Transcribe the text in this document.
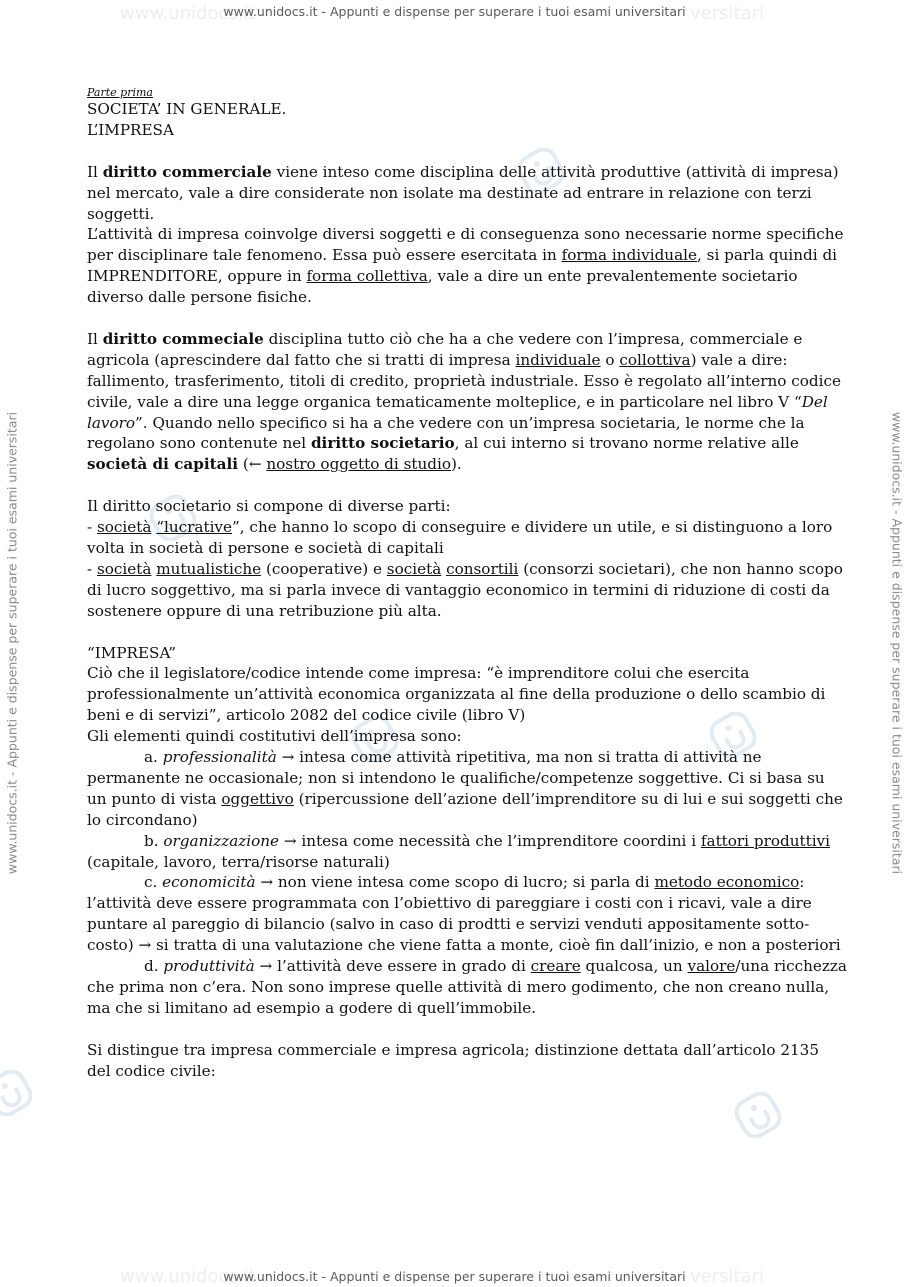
www.unidocs.it	versitari
www.unidocs.it - Appunti e dispense per superare i tuoi esami universitari
www.unidocs.it	versitari
www.unidocs.it - Appunti e dispense per superare i tuoi esami universitari
www.unidocs.it - Appunti e dispense per superare i tuoi esami universitari	www.unidocs.it - Appunti e dispense per superare i tuoi esami universitari

Parte prima

SOCIETA’ IN GENERALE.

L’IMPRESA

Il diritto commerciale viene inteso come disciplina delle attività produttive (attività di impresa) nel mercato, vale a dire considerate non isolate ma destinate ad entrare in relazione con terzi soggetti.

L’attività di impresa coinvolge diversi soggetti e di conseguenza sono necessarie norme specifiche per disciplinare tale fenomeno. Essa può essere esercitata in forma individuale, si parla quindi di IMPRENDITORE, oppure in forma collettiva, vale a dire un ente prevalentemente societario diverso dalle persone fisiche.

Il diritto commeciale disciplina tutto ciò che ha a che vedere con l’impresa, commerciale e agricola (aprescindere dal fatto che si tratti di impresa individuale o collottiva) vale a dire: fallimento, trasferimento, titoli di credito, proprietà industriale. Esso è regolato all’interno codice civile, vale a dire una legge organica tematicamente molteplice, e in particolare nel libro V “Del lavoro”. Quando nello specifico si ha a che vedere con un’impresa societaria, le norme che la regolano sono contenute nel diritto societario, al cui interno si trovano norme relative alle società di capitali (← nostro oggetto di studio).

Il diritto societario si compone di diverse parti:

- società “lucrative”, che hanno lo scopo di conseguire e dividere un utile, e si distinguono a loro volta in società di persone e società di capitali

- società mutualistiche (cooperative) e società consortili (consorzi societari), che non hanno scopo di lucro soggettivo, ma si parla invece di vantaggio economico in termini di riduzione di costi da sostenere oppure di una retribuzione più alta.

“IMPRESA”

Ciò che il legislatore/codice intende come impresa: “è imprenditore colui che esercita professionalmente un’attività economica organizzata al fine della produzione o dello scambio di beni e di servizi”, articolo 2082 del codice civile (libro V)

Gli elementi quindi costitutivi dell’impresa sono:

a. professionalità → intesa come attività ripetitiva, ma non si tratta di attività ne permanente ne occasionale; non si intendono le qualifiche/competenze soggettive. Ci si basa su un punto di vista oggettivo (ripercussione dell’azione dell’imprenditore su di lui e sui soggetti che lo circondano)

b. organizzazione → intesa come necessità che l’imprenditore coordini i fattori produttivi (capitale, lavoro, terra/risorse naturali)

c. economicità → non viene intesa come scopo di lucro; si parla di metodo economico: l’attività deve essere programmata con l’obiettivo di pareggiare i costi con i ricavi, vale a dire puntare al pareggio di bilancio (salvo in caso di prodtti e servizi venduti appositamente sotto-costo) → si tratta di una valutazione che viene fatta a monte, cioè fin dall’inizio, e non a posteriori

d. produttività → l’attività deve essere in grado di creare qualcosa, un valore/una ricchezza che prima non c’era. Non sono imprese quelle attività di mero godimento, che non creano nulla, ma che si limitano ad esempio a godere di quell’immobile.

Si distingue tra impresa commerciale e impresa agricola; distinzione dettata dall’articolo 2135 del codice civile:
